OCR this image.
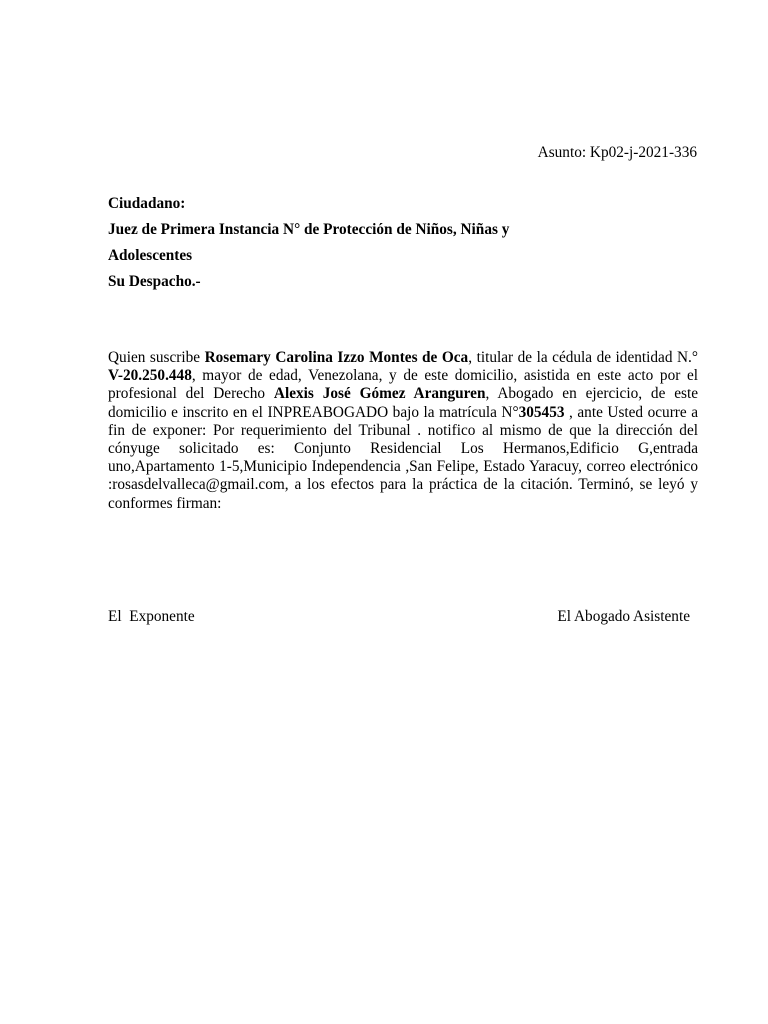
Asunto: Kp02-j-2021-336
Ciudadano:
Juez de Primera Instancia N° de Protección de Niños, Niñas y
Adolescentes
Su Despacho.-

Quien suscribe Rosemary Carolina Izzo Montes de Oca, titular de la cédula de identidad N.° V-20.250.448, mayor de edad, Venezolana, y de este domicilio, asistida en este acto por el profesional del Derecho Alexis José Gómez Aranguren, Abogado en ejercicio, de este domicilio e inscrito en el INPREABOGADO bajo la matrícula N°305453 , ante Usted ocurre a fin de exponer: Por requerimiento del Tribunal . notifico al mismo de que la dirección del cónyuge solicitado es: Conjunto Residencial Los Hermanos,Edificio G,entrada uno,Apartamento 1-5,Municipio Independencia ,San Felipe, Estado Yaracuy, correo electrónico :rosasdelvalleca@gmail.com, a los efectos para la práctica de la citación. Terminó, se leyó y conformes firman:

El  Exponente	El Abogado Asistente
